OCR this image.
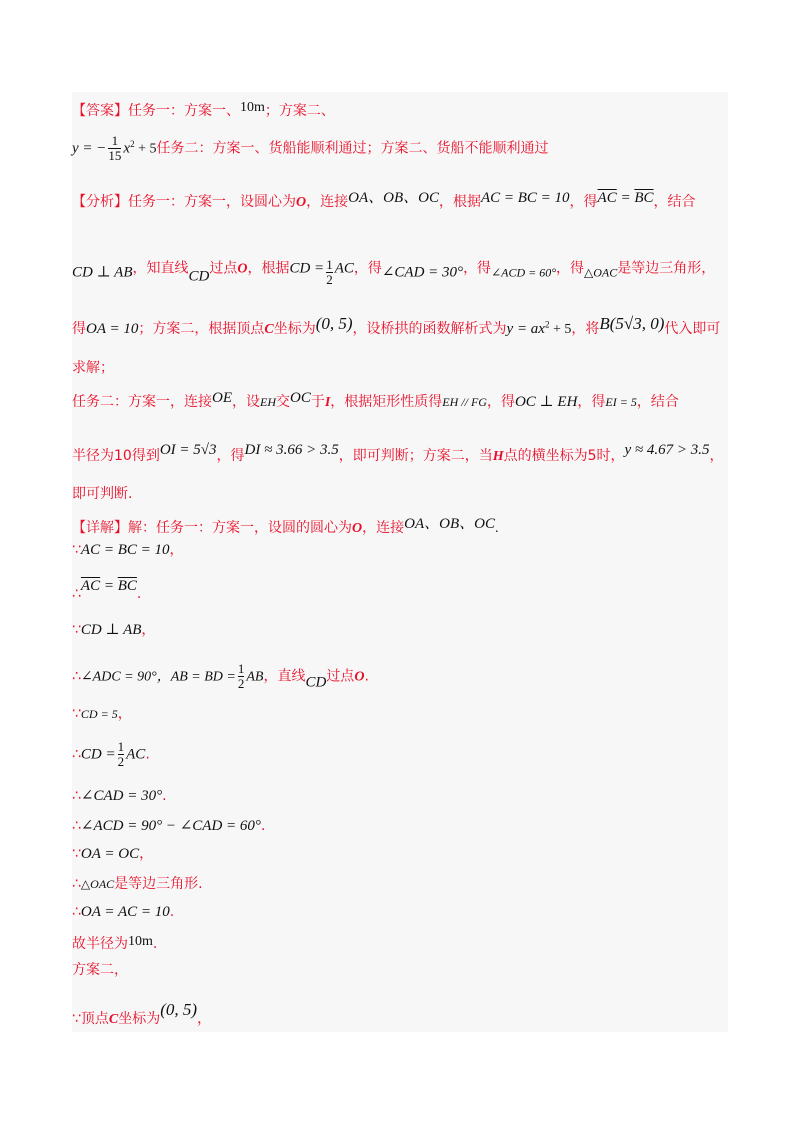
【答案】任务一：方案一、10m；方案二、
y = − $\frac{1}{15} x^2 + 5$任务二：方案一、货船能顺利通过；方案二、货船不能顺利通过
【分析】任务一：方案一，设圆心为O，连接OA、OB、OC，根据AC = BC = 10，得$\overline{AC} = \overline{BC}$，结合
CD ⊥ AB，知直线CD过点O，根据CD = $\frac{1}{2}$ AC，得∠CAD = 30°，得∠ACD = 60°，得△OAC是等边三角形，
得OA = 10；方案二，根据顶点C坐标为(0, 5)，设桥拱的函数解析式为$y = ax^2 + 5$，将B(5√3, 0)代入即可
求解；
任务二：方案一，连接OE，设EH交OC于I，根据矩形性质得EH // FG，得OC ⊥ EH，得EI = 5，结合
半径为10得到OI = 5√3，得DI ≈ 3.66 > 3.5，即可判断；方案二，当H点的横坐标为5时，y ≈ 4.67 > 3.5，
即可判断.
【详解】解：任务一：方案一，设圆的圆心为O，连接OA、OB、OC.
∵AC = BC = 10，
$\therefore\overline{AC} = \overline{BC}$.
∵CD ⊥ AB，
∴∠ADC = 90°，AB = BD = $\frac{1}{2}$ AB，直线CD过点O.
∵CD = 5，
∴CD = $\frac{1}{2}$ AC.
∴∠CAD = 30°.
∴∠ACD = 90° − ∠CAD = 60°.
∵OA = OC，
∴△OAC是等边三角形.
∴OA = AC = 10.
故半径为10m.
方案二，
∵顶点C坐标为(0, 5)，
